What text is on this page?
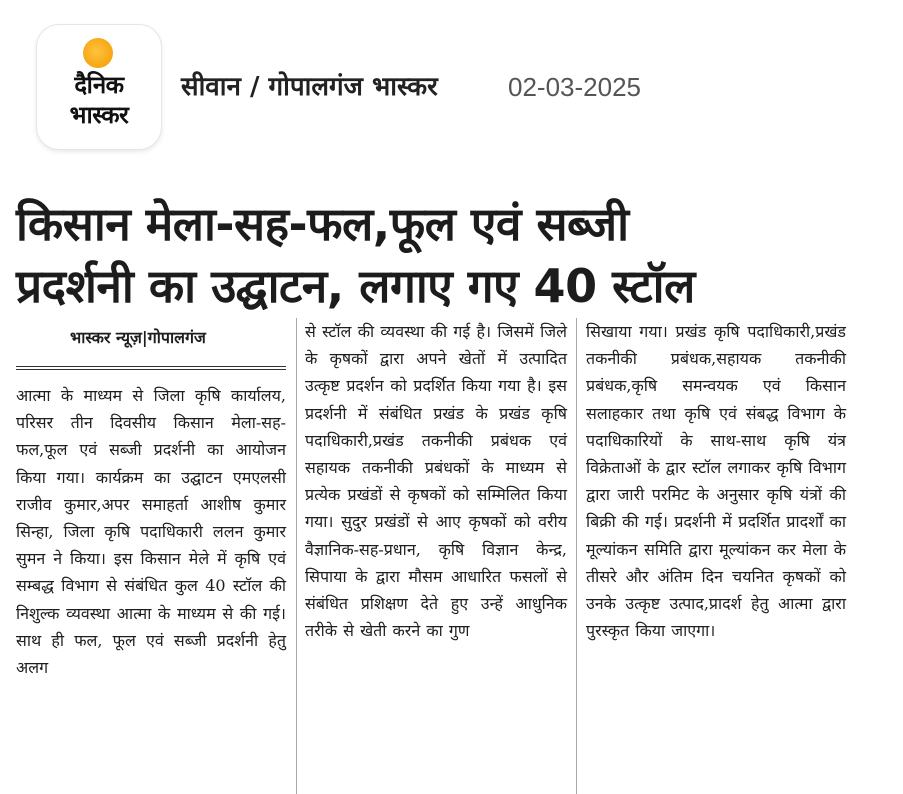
दैनिक
भास्कर
सीवान / गोपालगंज भास्कर	02-03-2025
किसान मेला-सह-फल,फूल एवं सब्जी
प्रदर्शनी का उद्घाटन, लगाए गए 40 स्टॉल
भास्कर न्यूज़|गोपालगंज

आत्मा के माध्यम से जिला कृषि कार्यालय, परिसर तीन दिवसीय किसान मेला-सह-फल,फूल एवं सब्जी प्रदर्शनी का आयोजन किया गया। कार्यक्रम का उद्घाटन एमएलसी राजीव कुमार,अपर समाहर्ता आशीष कुमार सिन्हा, जिला कृषि पदाधिकारी ललन कुमार सुमन ने किया। इस किसान मेले में कृषि एवं सम्बद्ध विभाग से संबंधित कुल 40 स्टॉल की निशुल्क व्यवस्था आत्मा के माध्यम से की गई। साथ ही फल, फूल एवं सब्जी प्रदर्शनी हेतु अलग

से स्टॉल की व्यवस्था की गई है। जिसमें जिले के कृषकों द्वारा अपने खेतों में उत्पादित उत्कृष्ट प्रदर्शन को प्रदर्शित किया गया है। इस प्रदर्शनी में संबंधित प्रखंड के प्रखंड कृषि पदाधिकारी,प्रखंड तकनीकी प्रबंधक एवं सहायक तकनीकी प्रबंधकों के माध्यम से प्रत्येक प्रखंडों से कृषकों को सम्मिलित किया गया। सुदुर प्रखंडों से आए कृषकों को वरीय वैज्ञानिक-सह-प्रधान, कृषि विज्ञान केन्द्र, सिपाया के द्वारा मौसम आधारित फसलों से संबंधित प्रशिक्षण देते हुए उन्हें आधुनिक तरीके से खेती करने का गुण

सिखाया गया। प्रखंड कृषि पदाधिकारी,प्रखंड तकनीकी प्रबंधक,सहायक तकनीकी प्रबंधक,कृषि समन्वयक एवं किसान सलाहकार तथा कृषि एवं संबद्ध विभाग के पदाधिकारियों के साथ-साथ कृषि यंत्र विक्रेताओं के द्वार स्टॉल लगाकर कृषि विभाग द्वारा जारी परमिट के अनुसार कृषि यंत्रों की बिक्री की गई। प्रदर्शनी में प्रदर्शित प्रादर्शों का मूल्यांकन समिति द्वारा मूल्यांकन कर मेला के तीसरे और अंतिम दिन चयनित कृषकों को उनके उत्कृष्ट उत्पाद,प्रादर्श हेतु आत्मा द्वारा पुरस्कृत किया जाएगा।
